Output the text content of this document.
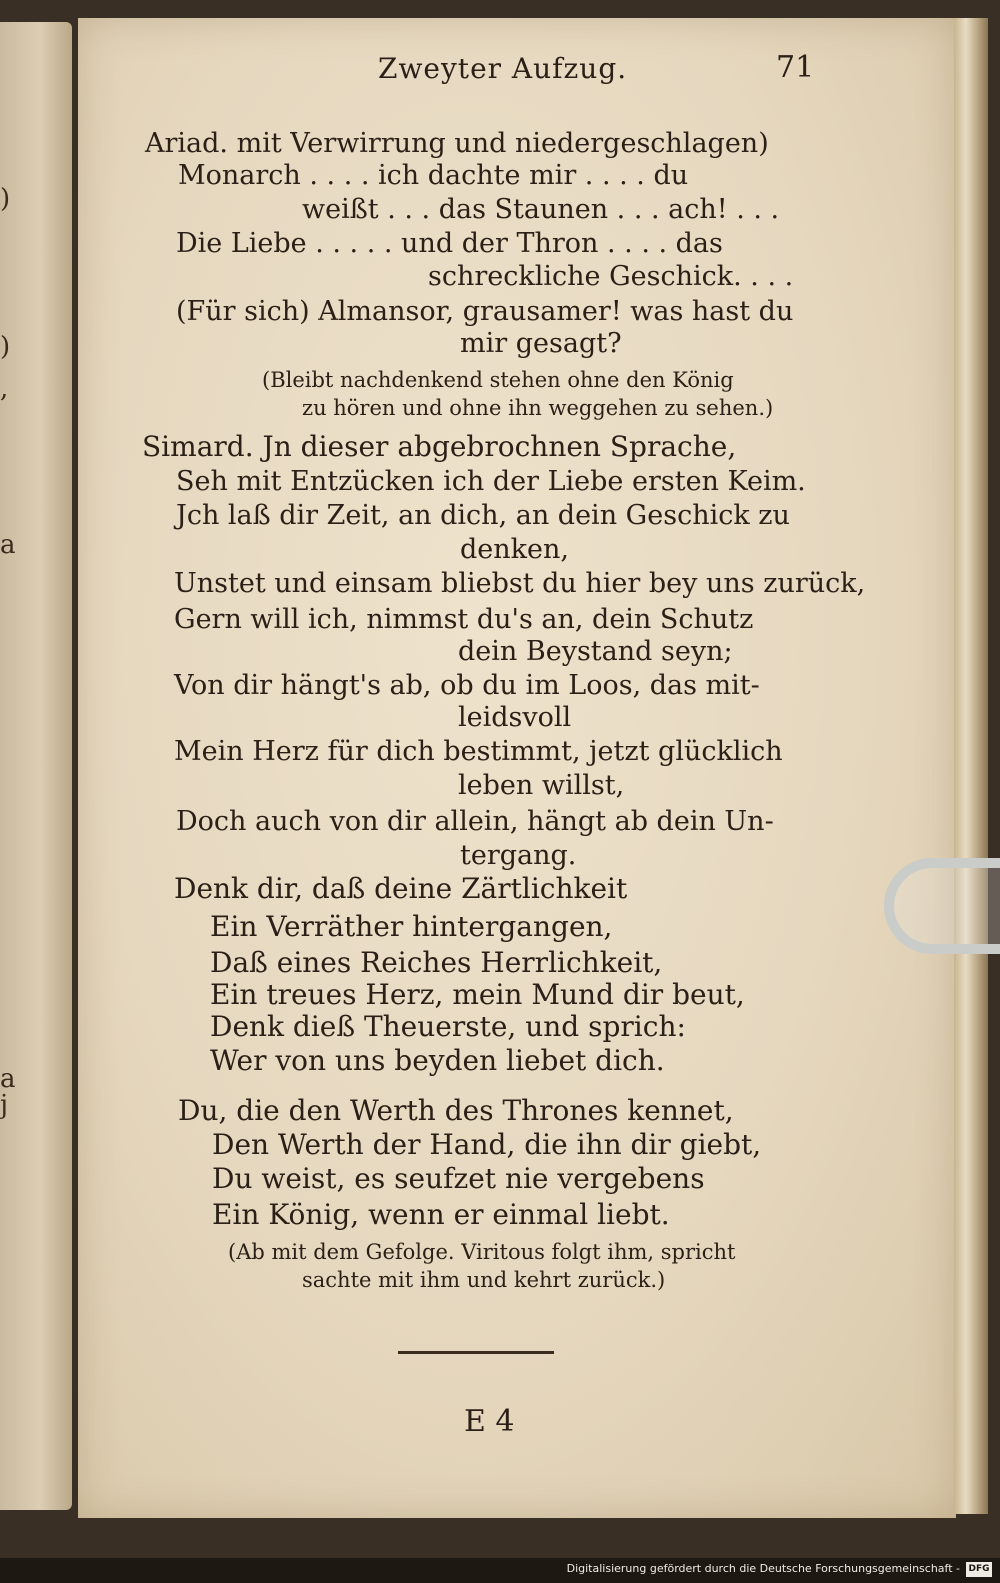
)
)
,
a
a
j
Zweyter Aufzug.	71
Ariad. mit Verwirrung und niedergeschlagen)
Monarch . . . . ich dachte mir . . . . du
weißt . . . das Staunen . . . ach! . . .
Die Liebe . . . . . und der Thron . . . . das
schreckliche Geschick. . . .
(Für sich) Almansor, grausamer! was hast du
mir gesagt?
(Bleibt nachdenkend stehen ohne den König
zu hören und ohne ihn weggehen zu sehen.)
Simard. Jn dieser abgebrochnen Sprache,
Seh mit Entzücken ich der Liebe ersten Keim.
Jch laß dir Zeit, an dich, an dein Geschick zu
denken,
Unstet und einsam bliebst du hier bey uns zurück,
Gern will ich, nimmst du's an, dein Schutz
dein Beystand seyn;
Von dir hängt's ab, ob du im Loos, das mit-
leidsvoll
Mein Herz für dich bestimmt, jetzt glücklich
leben willst,
Doch auch von dir allein, hängt ab dein Un-
tergang.
Denk dir, daß deine Zärtlichkeit
Ein Verräther hintergangen,
Daß eines Reiches Herrlichkeit,
Ein treues Herz, mein Mund dir beut,
Denk dieß Theuerste, und sprich:
Wer von uns beyden liebet dich.
Du, die den Werth des Thrones kennet,
Den Werth der Hand, die ihn dir giebt,
Du weist, es seufzet nie vergebens
Ein König, wenn er einmal liebt.
(Ab mit dem Gefolge. Viritous folgt ihm, spricht
sachte mit ihm und kehrt zurück.)
E 4
Digitalisierung gefördert durch die Deutsche Forschungsgemeinschaft - DFG
